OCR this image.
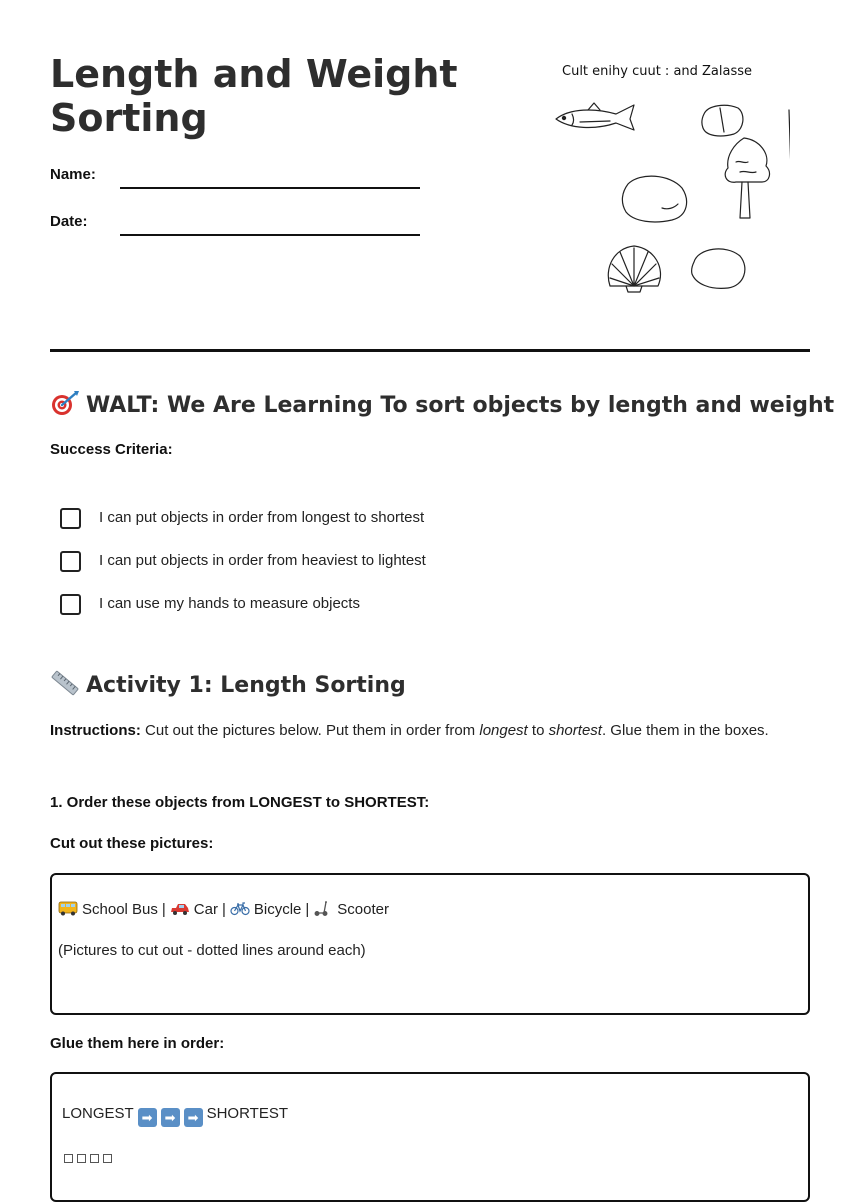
Length and Weight
Sorting
Name:
Date:
Cult enihy cuut : and Zalasse
WALT: We Are Learning To sort objects by length and weight
Success Criteria:
I can put objects in order from longest to shortest
I can put objects in order from heaviest to lightest
I can use my hands to measure objects
Activity 1: Length Sorting

Instructions: Cut out the pictures below. Put them in order from longest to shortest. Glue them in the boxes.

1. Order these objects from LONGEST to SHORTEST:
Cut out these pictures:
School Bus | Car | Bicycle | Scooter
(Pictures to cut out - dotted lines around each)
Glue them here in order:
LONGEST ➡ ➡ ➡ SHORTEST
